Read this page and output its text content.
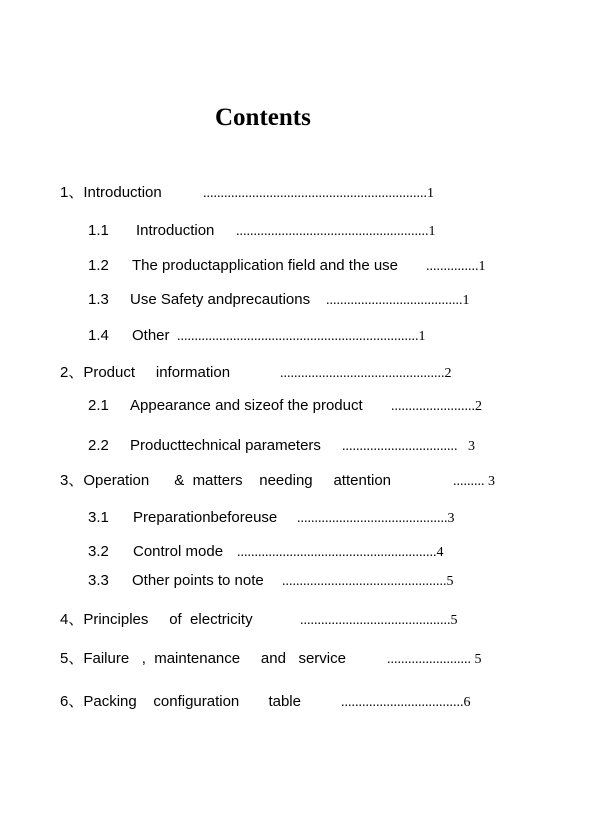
Contents
1、Introduction	................................................................1
1.1 Introduction .......................................................1
1.2 The productapplication field and the use ...............1
1.3 Use Safety andprecautions .......................................1
1.4 Other .....................................................................1
2、Product     information	...............................................2
2.1 Appearance and sizeof the product ........................2
2.2 Producttechnical parameters ................................. 3
3、Operation      &  matters    needing     attention	......... 3
3.1 Preparationbeforeuse ...........................................3
3.2 Control mode .........................................................4
3.3 Other points to note ...............................................5
4、Principles     of  electricity	...........................................5
5、Failure   ,  maintenance     and   service	........................ 5
6、Packing    configuration       table	...................................6
